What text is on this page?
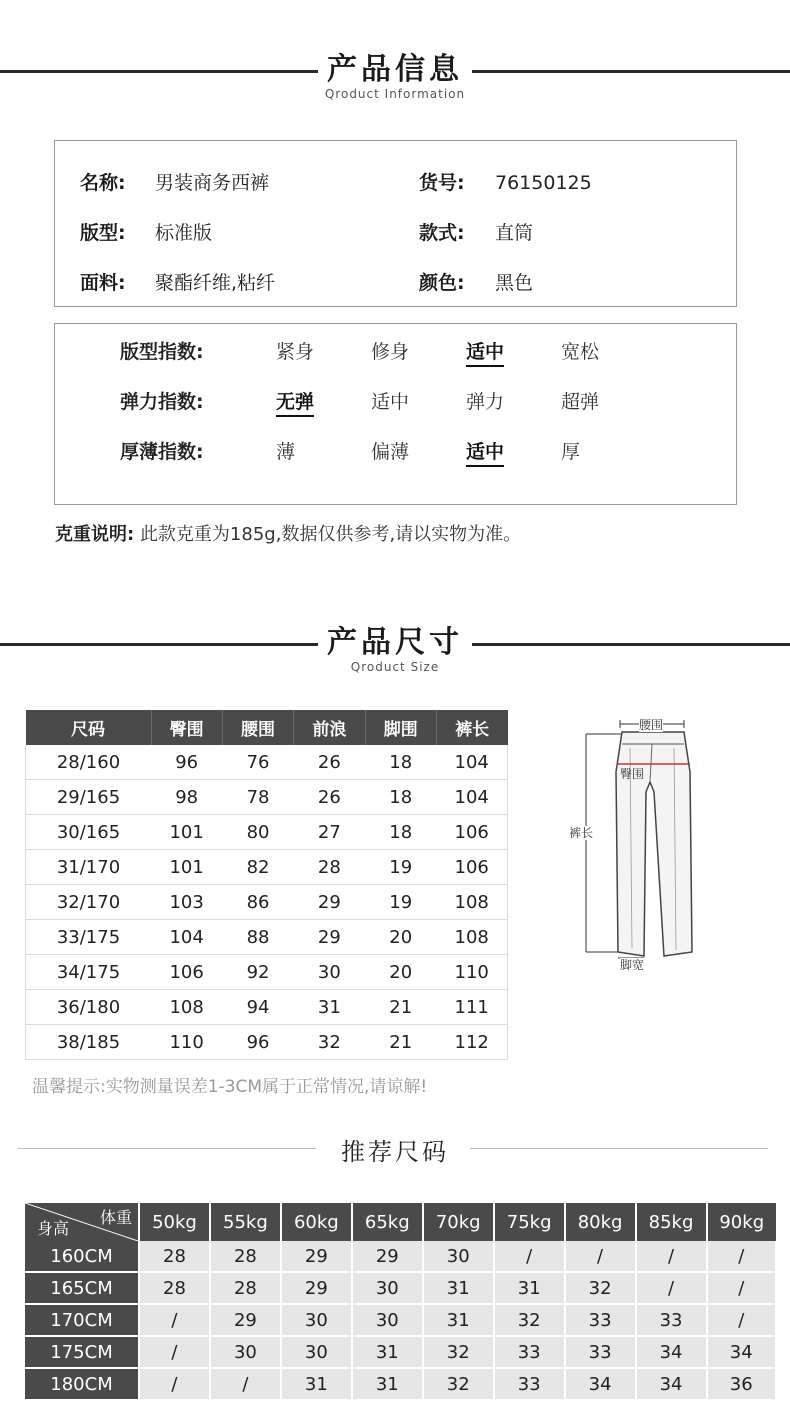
产品信息
Qroduct Information
名称: 男装商务西裤	货号: 76150125
版型: 标准版	款式: 直筒
面料: 聚酯纤维,粘纤	颜色: 黑色
版型指数:	紧身	修身	适中	宽松
弹力指数:	无弹	适中	弹力	超弹
厚薄指数:	薄	偏薄	适中	厚
克重说明: 此款克重为185g,数据仅供参考,请以实物为准。
产品尺寸
Qroduct Size
尺码	臀围	腰围	前浪	脚围	裤长
28/160	96	76	26	18	104
29/165	98	78	26	18	104
30/165	101	80	27	18	106
31/170	101	82	28	19	106
32/170	103	86	29	19	108
33/175	104	88	29	20	108
34/175	106	92	30	20	110
36/180	108	94	31	21	111
38/185	110	96	32	21	112
腰围
臀围
裤长
脚宽
温馨提示:实物测量误差1-3CM属于正常情况,请谅解!
推荐尺码
体重
身高	50kg	55kg	60kg	65kg	70kg	75kg	80kg	85kg	90kg
160CM	28	28	29	29	30	/	/	/	/
165CM	28	28	29	30	31	31	32	/	/
170CM	/	29	30	30	31	32	33	33	/
175CM	/	30	30	31	32	33	33	34	34
180CM	/	/	31	31	32	33	34	34	36
